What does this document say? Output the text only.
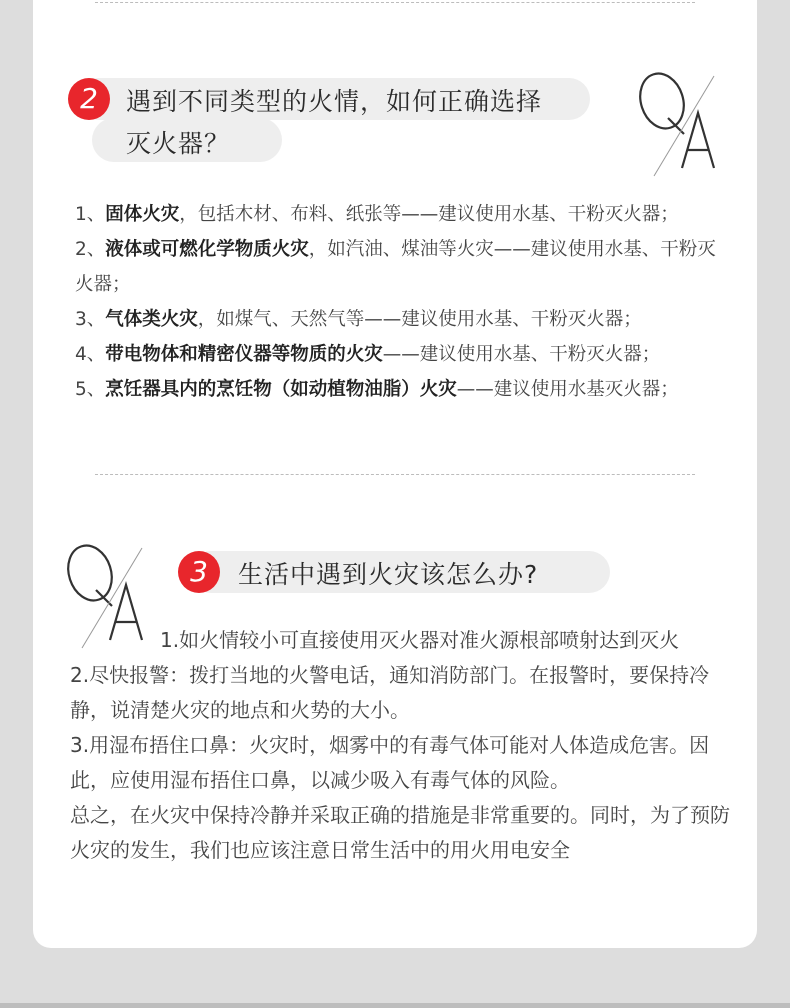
2	遇到不同类型的火情，如何正确选择
灭火器？
1、固体火灾，包括木材、布料、纸张等——建议使用水基、干粉灭火器；
2、液体或可燃化学物质火灾，如汽油、煤油等火灾——建议使用水基、干粉灭火器；
3、气体类火灾，如煤气、天然气等——建议使用水基、干粉灭火器；
4、带电物体和精密仪器等物质的火灾——建议使用水基、干粉灭火器；
5、烹饪器具内的烹饪物（如动植物油脂）火灾——建议使用水基灭火器；
3	生活中遇到火灾该怎么办?
1.如火情较小可直接使用灭火器对准火源根部喷射达到灭火
2.尽快报警：拨打当地的火警电话，通知消防部门。在报警时，要保持冷静，说清楚火灾的地点和火势的大小。
3.用湿布捂住口鼻：火灾时，烟雾中的有毒气体可能对人体造成危害。因此，应使用湿布捂住口鼻，以减少吸入有毒气体的风险。
总之，在火灾中保持冷静并采取正确的措施是非常重要的。同时，为了预防火灾的发生，我们也应该注意日常生活中的用火用电安全
